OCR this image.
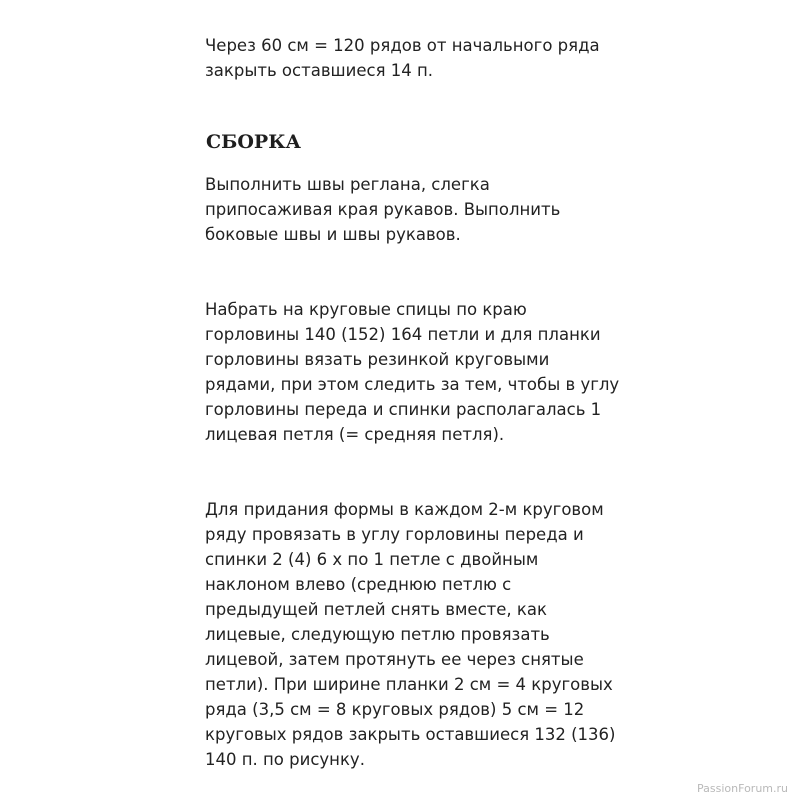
Через 60 см = 120 рядов от начального ряда
закрыть оставшиеся 14 п.

СБОРКА

Выполнить швы реглана, слегка
припосаживая края рукавов. Выполнить
боковые швы и швы рукавов.

Набрать на круговые спицы по краю
горловины 140 (152) 164 петли и для планки
горловины вязать резинкой круговыми
рядами, при этом следить за тем, чтобы в углу
горловины переда и спинки располагалась 1
лицевая петля (= средняя петля).

Для придания формы в каждом 2-м круговом
ряду провязать в углу горловины переда и
спинки 2 (4) 6 х по 1 петле с двойным
наклоном влево (среднюю петлю с
предыдущей петлей снять вместе, как
лицевые, следующую петлю провязать
лицевой, затем протянуть ее через снятые
петли). При ширине планки 2 см = 4 круговых
ряда (3,5 см = 8 круговых рядов) 5 см = 12
круговых рядов закрыть оставшиеся 132 (136)
140 п. по рисунку.

PassionForum.ru
